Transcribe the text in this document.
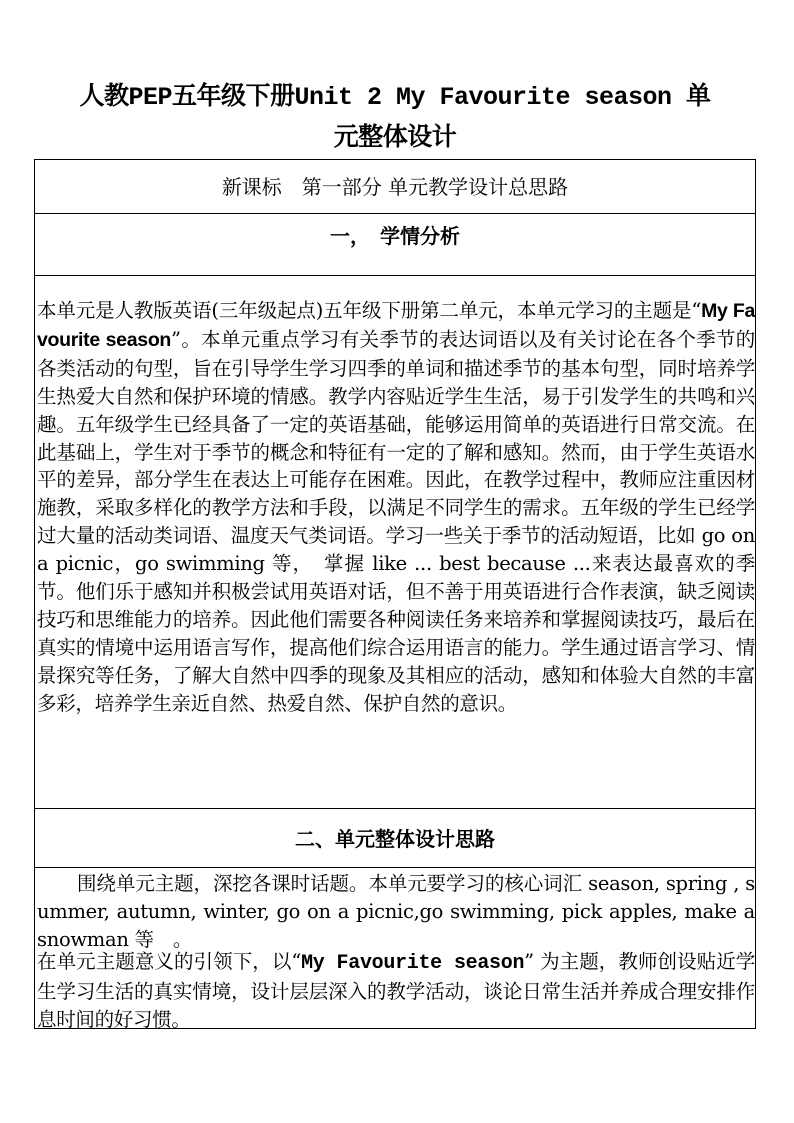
人教PEP五年级下册Unit 2 My Favourite season 单
元整体设计
新课标　第一部分 单元教学设计总思路
一，　学情分析
本单元是人教版英语(三年级起点)五年级下册第二单元，本单元学习的主题是“My Favourite season”。本单元重点学习有关季节的表达词语以及有关讨论在各个季节的各类活动的句型，旨在引导学生学习四季的单词和描述季节的基本句型，同时培养学生热爱大自然和保护环境的情感。教学内容贴近学生生活，易于引发学生的共鸣和兴趣。五年级学生已经具备了一定的英语基础，能够运用简单的英语进行日常交流。在此基础上，学生对于季节的概念和特征有一定的了解和感知。然而，由于学生英语水平的差异，部分学生在表达上可能存在困难。因此，在教学过程中，教师应注重因材施教，采取多样化的教学方法和手段，以满足不同学生的需求。五年级的学生已经学过大量的活动类词语、温度天气类词语。学习一些关于季节的活动短语，比如 go on a picnic，go swimming 等，　掌握 like ... best because ...来表达最喜欢的季节。他们乐于感知并积极尝试用英语对话，但不善于用英语进行合作表演，缺乏阅读技巧和思维能力的培养。因此他们需要各种阅读任务来培养和掌握阅读技巧，最后在真实的情境中运用语言写作，提高他们综合运用语言的能力。学生通过语言学习、情景探究等任务，了解大自然中四季的现象及其相应的活动，感知和体验大自然的丰富多彩，培养学生亲近自然、热爱自然、保护自然的意识。
二、单元整体设计思路
围绕单元主题，深挖各课时话题。本单元要学习的核心词汇 season, spring , summer, autumn, winter, go on a picnic,go swimming, pick apples, make a snowman 等　。
在单元主题意义的引领下，以“My Favourite season” 为主题，教师创设贴近学生学习生活的真实情境，设计层层深入的教学活动，谈论日常生活并养成合理安排作息时间的好习惯。
